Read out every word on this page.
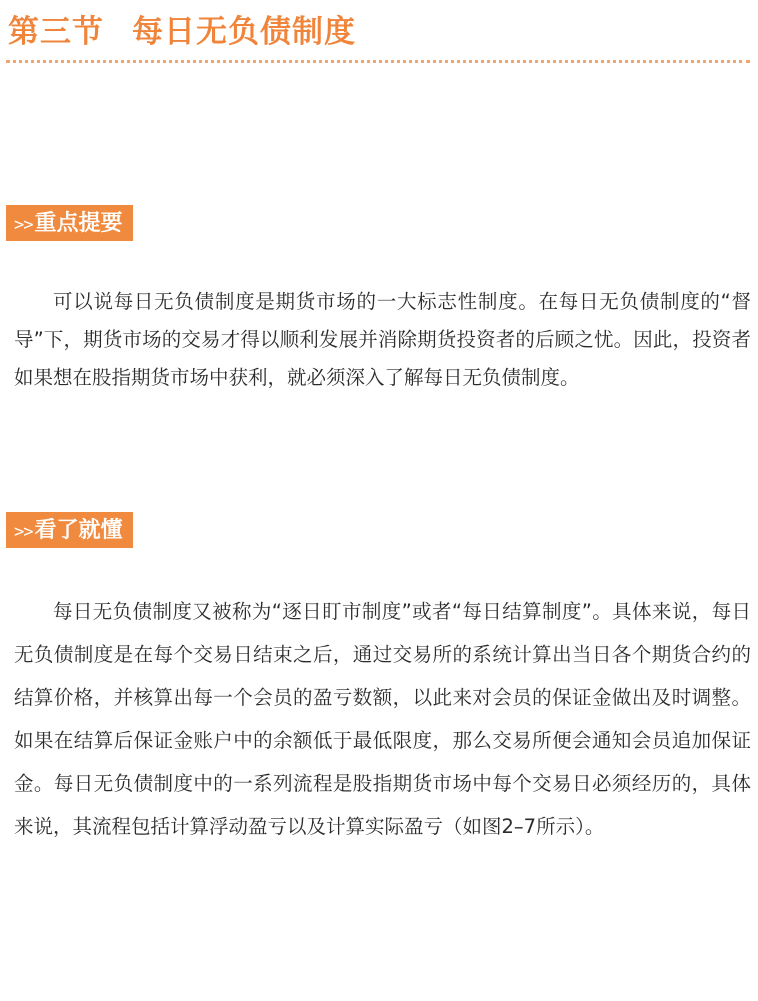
第三节 每日无负债制度
>>重点提要

可以说每日无负债制度是期货市场的一大标志性制度。在每日无负债制度的“督导”下，期货市场的交易才得以顺利发展并消除期货投资者的后顾之忧。因此，投资者如果想在股指期货市场中获利，就必须深入了解每日无负债制度。

>>看了就懂

每日无负债制度又被称为“逐日盯市制度”或者“每日结算制度”。具体来说，每日无负债制度是在每个交易日结束之后，通过交易所的系统计算出当日各个期货合约的结算价格，并核算出每一个会员的盈亏数额，以此来对会员的保证金做出及时调整。如果在结算后保证金账户中的余额低于最低限度，那么交易所便会通知会员追加保证金。每日无负债制度中的一系列流程是股指期货市场中每个交易日必须经历的，具体来说，其流程包括计算浮动盈亏以及计算实际盈亏（如图2–7所示）。
